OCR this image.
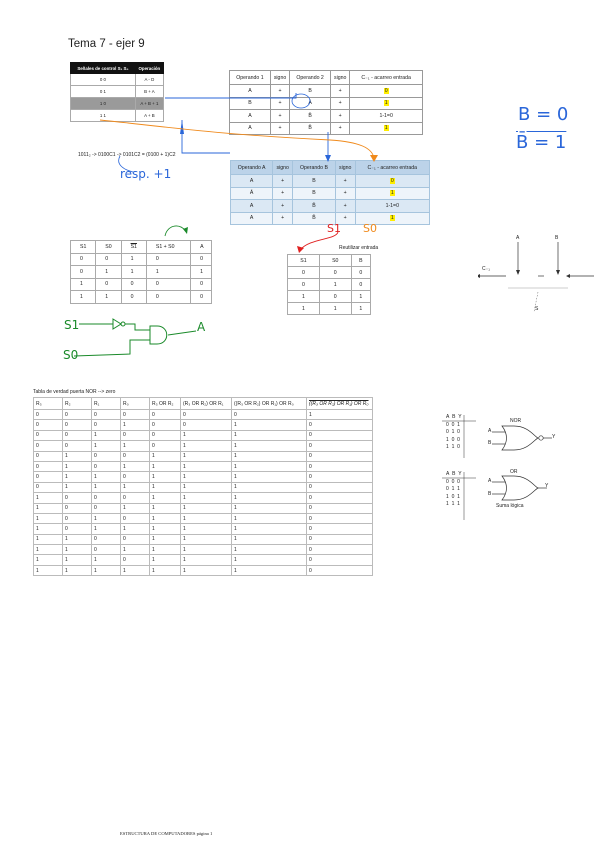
Tema 7 - ejer 9
Señales de control S₁ S₀	Operación
0 0	A - D
0 1	B + A
1 0	A + B + 1
1 1	A + B
Operando 1	signo	Operando 2	signo	C₋₁ - acarreo entrada
A	+	B	+	0
B	+	Ā	+	1
A	+	B̄	+	1-1=0
A	+	B̄	+	1
Operando A	signo	Operando B	signo	C₋₁ - acarreo entrada
A	+	B	+	0
Ā	+	B	+	1
A	+	B̄	+	1-1=0
A	+	B̄	+	1
1011₂ -> 0100C1 -> 0101C2 = (0100 + 1)C2
B = 0
B̄ = 1
resp. +1
S1 S0
S1	S0	S1	S1 + S0	A
0	0	1	0	0
0	1	1	1	1
1	0	0	0	0
1	1	0	0	0
Reutilizar entrada
S1	S0	B
0	0	0
0	1	0
1	0	1
1	1	1
S1
S0
A
A	B
C₋₁
S
Tabla de verdad puerta NOR --> zero
R₃	R₂	R₁	R₀	R₃ OR R₂	(R₃ OR R₂) OR R₁	((R₃ OR R₂) OR R₁) OR R₀	((R₃ OR R₂) OR R₁) OR R₀
0	0	0	0	0	0	0	1
0	0	0	1	0	0	1	0
0	0	1	0	0	1	1	0
0	0	1	1	0	1	1	0
0	1	0	0	1	1	1	0
0	1	0	1	1	1	1	0
0	1	1	0	1	1	1	0
0	1	1	1	1	1	1	0
1	0	0	0	1	1	1	0
1	0	0	1	1	1	1	0
1	0	1	0	1	1	1	0
1	0	1	1	1	1	1	0
1	1	0	0	1	1	1	0
1	1	0	1	1	1	1	0
1	1	1	0	1	1	1	0
1	1	1	1	1	1	1	0
A B Y
0 0 1
0 1 0
1 0 0
1 1 0
NOR
A
B
Y
A B Y
0 0 0
0 1 1
1 0 1
1 1 1
OR
A
B
Y
Suma lógica
ESTRUCTURA DE COMPUTADORES página 1
